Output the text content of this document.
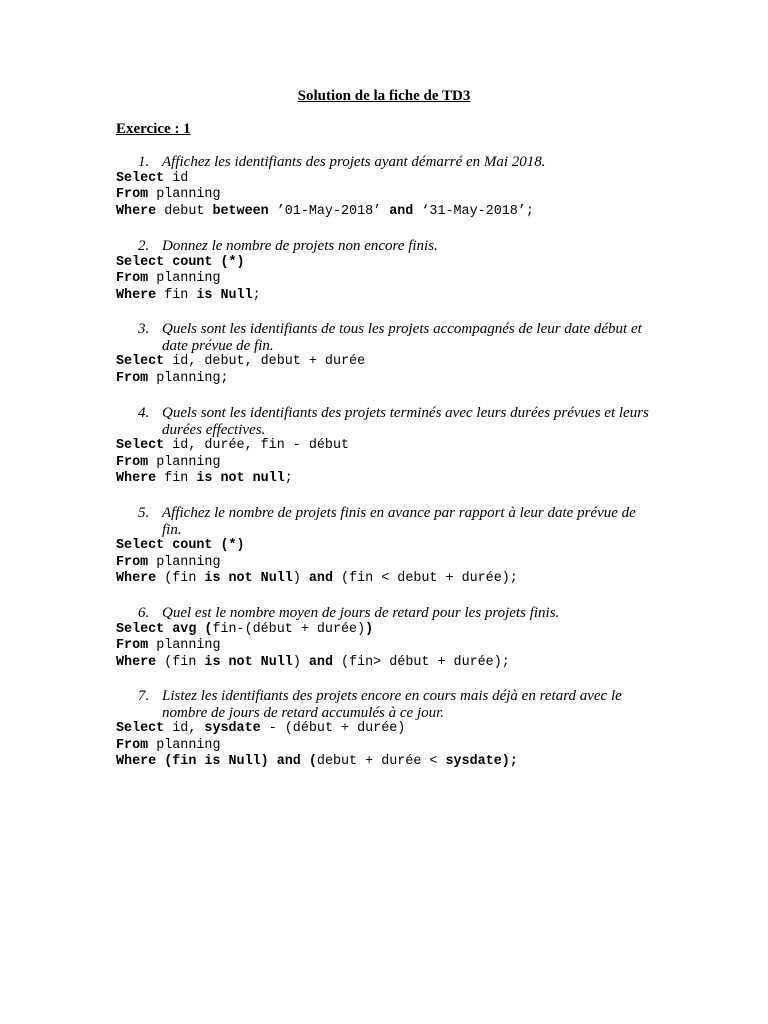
Solution de la fiche de TD3
Exercice : 1
1. Affichez les identifiants des projets ayant démarré en Mai 2018.
Select id
From planning
Where debut between ’01-May-2018’ and ‘31-May-2018’;
2. Donnez le nombre de projets non encore finis.
Select count (*)
From planning
Where fin is Null;
3. Quels sont les identifiants de tous les projets accompagnés de leur date début et date prévue de fin.
Select id, debut, debut + durée
From planning;
4. Quels sont les identifiants des projets terminés avec leurs durées prévues et leurs durées effectives.
Select id, durée, fin - début
From planning
Where fin is not null;
5. Affichez le nombre de projets finis en avance par rapport à leur date prévue de fin.
Select count (*)
From planning
Where (fin is not Null) and (fin < debut + durée);
6. Quel est le nombre moyen de jours de retard pour les projets finis.
Select avg (fin-(début + durée))
From planning
Where (fin is not Null) and (fin> début + durée);
7. Listez les identifiants des projets encore en cours mais déjà en retard avec le nombre de jours de retard accumulés à ce jour.
Select id, sysdate - (début + durée)
From planning
Where (fin is Null) and (debut + durée < sysdate);
